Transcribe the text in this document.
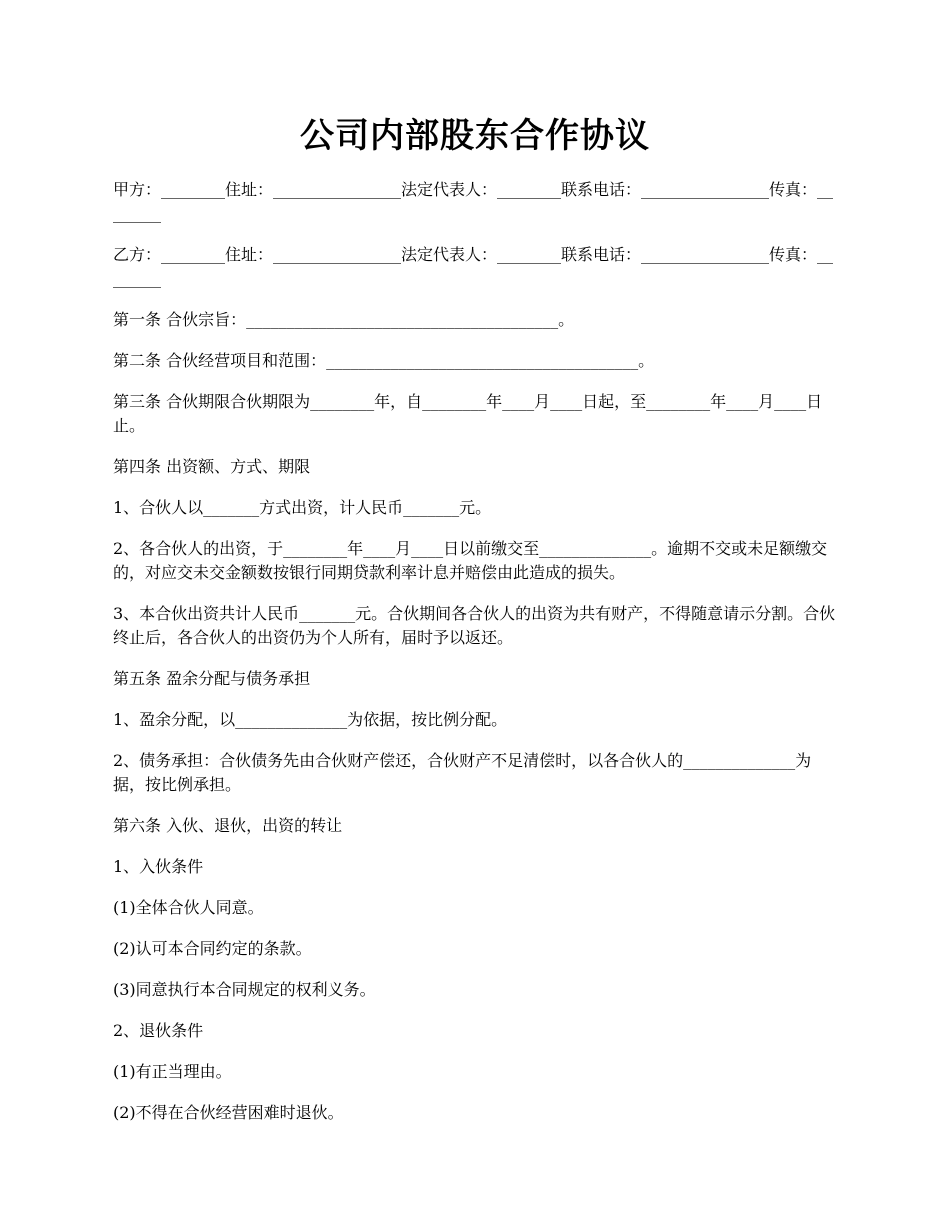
公司内部股东合作协议

甲方：________住址：________________法定代表人：________联系电话：________________传真：________

乙方：________住址：________________法定代表人：________联系电话：________________传真：________

第一条 合伙宗旨：_______________________________________。

第二条 合伙经营项目和范围：_______________________________________。

第三条 合伙期限合伙期限为________年，自________年____月____日起，至________年____月____日止。

第四条 出资额、方式、期限

1、合伙人以_______方式出资，计人民币_______元。

2、各合伙人的出资，于________年____月____日以前缴交至______________。逾期不交或未足额缴交的，对应交未交金额数按银行同期贷款利率计息并赔偿由此造成的损失。

3、本合伙出资共计人民币_______元。合伙期间各合伙人的出资为共有财产，不得随意请示分割。合伙终止后，各合伙人的出资仍为个人所有，届时予以返还。

第五条 盈余分配与债务承担

1、盈余分配，以______________为依据，按比例分配。

2、债务承担：合伙债务先由合伙财产偿还，合伙财产不足清偿时，以各合伙人的______________为据，按比例承担。

第六条 入伙、退伙，出资的转让

1、入伙条件

(1)全体合伙人同意。

(2)认可本合同约定的条款。

(3)同意执行本合同规定的权利义务。

2、退伙条件

(1)有正当理由。

(2)不得在合伙经营困难时退伙。
